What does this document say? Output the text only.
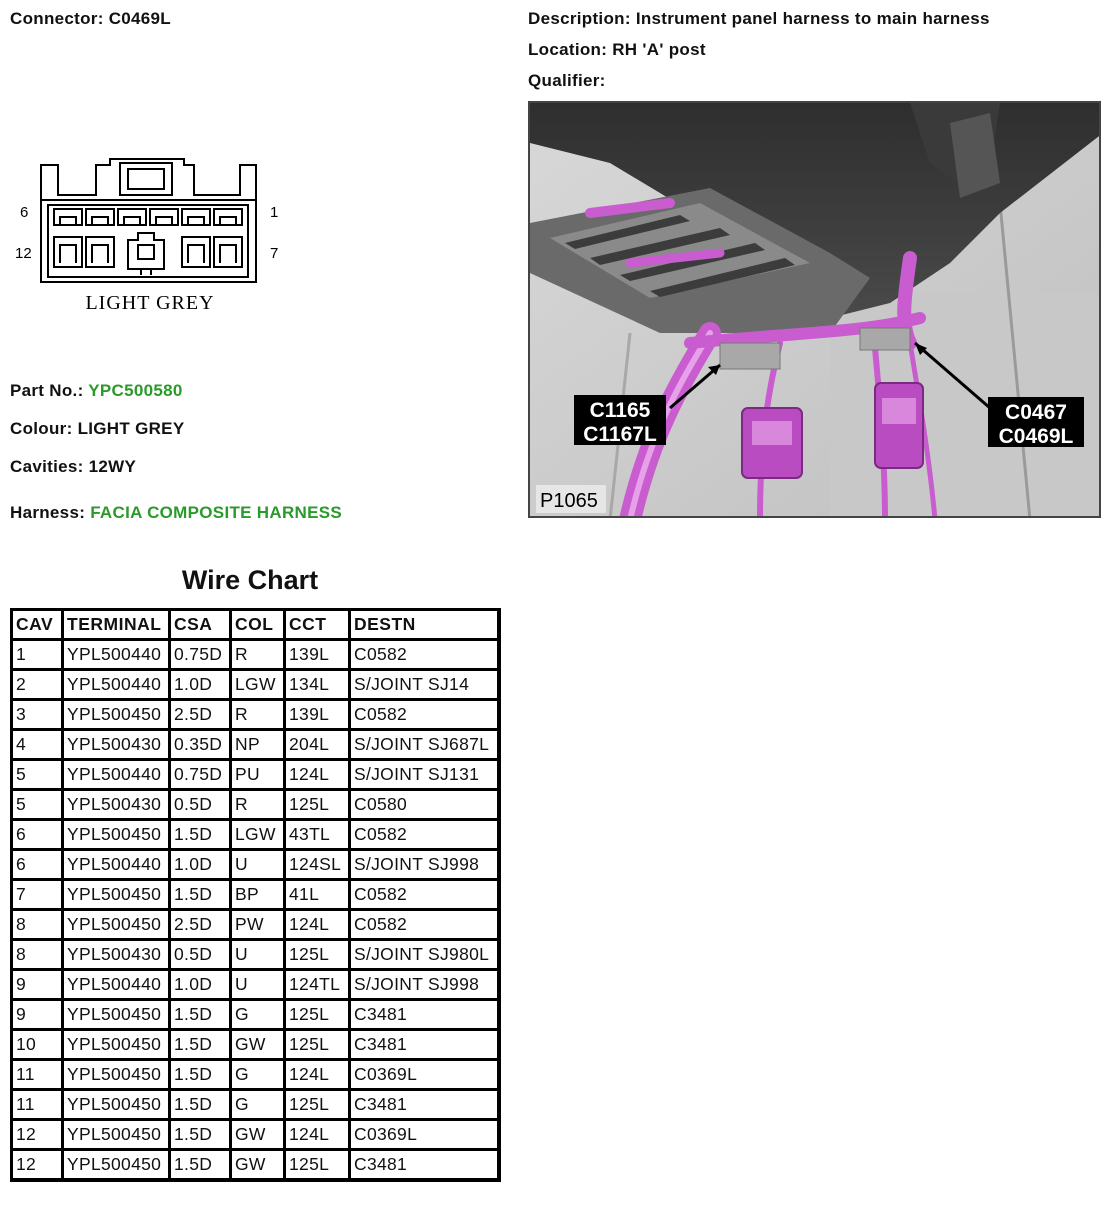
Connector: C0469L	Description: Instrument panel harness to main harness
Location: RH 'A' post
Qualifier:
6	1
12	7
LIGHT GREY
C1165
C1167L
C0467
C0469L
P1065
Part No.: YPC500580
Colour: LIGHT GREY
Cavities: 12WY
Harness: FACIA COMPOSITE HARNESS
Wire Chart
CAV	TERMINAL	CSA	COL	CCT	DESTN
1	YPL500440	0.75D	R	139L	C0582
2	YPL500440	1.0D	LGW	134L	S/JOINT SJ14
3	YPL500450	2.5D	R	139L	C0582
4	YPL500430	0.35D	NP	204L	S/JOINT SJ687L
5	YPL500440	0.75D	PU	124L	S/JOINT SJ131
5	YPL500430	0.5D	R	125L	C0580
6	YPL500450	1.5D	LGW	43TL	C0582
6	YPL500440	1.0D	U	124SL	S/JOINT SJ998
7	YPL500450	1.5D	BP	41L	C0582
8	YPL500450	2.5D	PW	124L	C0582
8	YPL500430	0.5D	U	125L	S/JOINT SJ980L
9	YPL500440	1.0D	U	124TL	S/JOINT SJ998
9	YPL500450	1.5D	G	125L	C3481
10	YPL500450	1.5D	GW	125L	C3481
11	YPL500450	1.5D	G	124L	C0369L
11	YPL500450	1.5D	G	125L	C3481
12	YPL500450	1.5D	GW	124L	C0369L
12	YPL500450	1.5D	GW	125L	C3481
